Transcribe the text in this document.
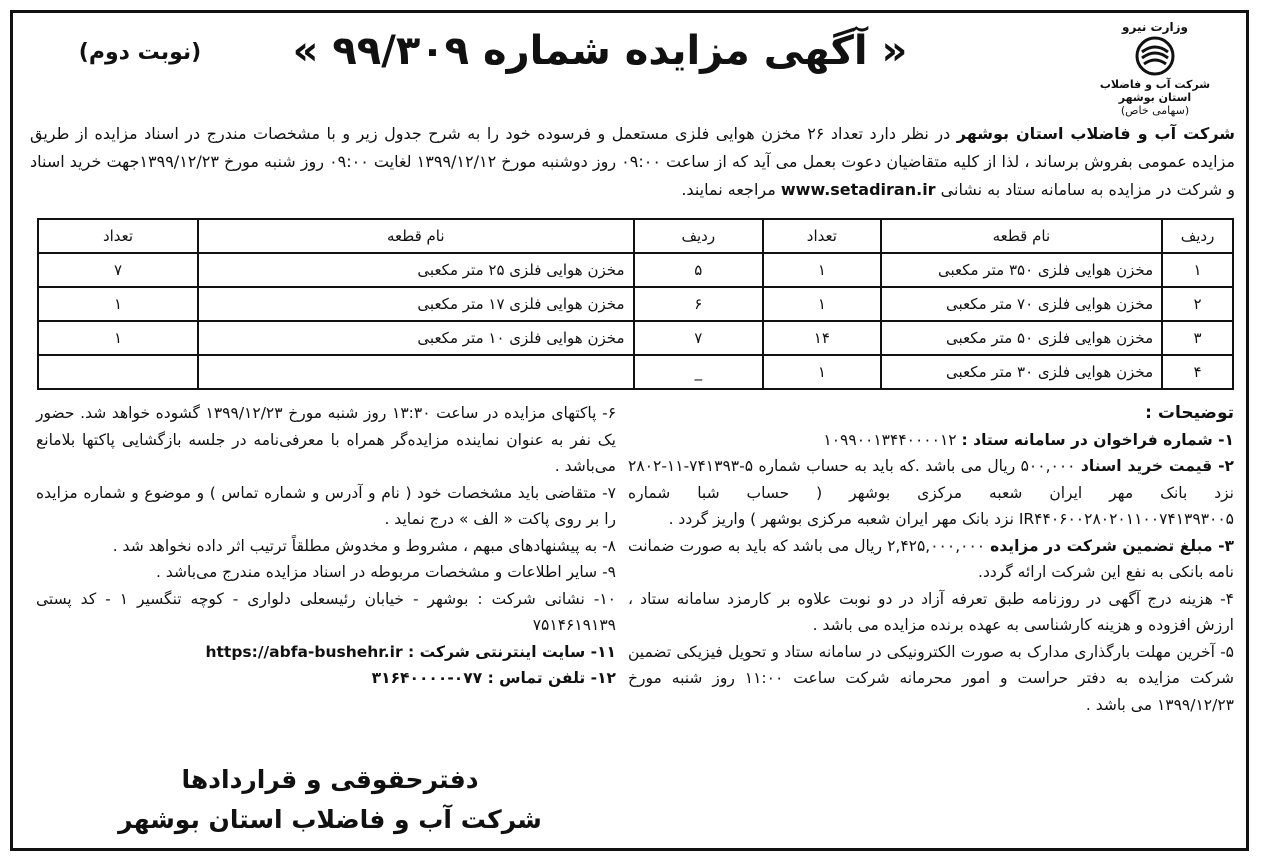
وزارت نیرو
شرکت آب و فاضلاب استان بوشهر
(سهامی خاص)
« آگهی مزایده شماره ۹۹/۳۰۹ »
(نوبت دوم)
شرکت آب و فاضلاب استان بوشهر در نظر دارد تعداد ۲۶ مخزن هوایی فلزی مستعمل و فرسوده خود را به شرح جدول زیر و با مشخصات مندرج در اسناد مزایده از طریق مزایده عمومی بفروش برساند ، لذا از کلیه متقاضیان دعوت بعمل می آید که از ساعت ۰۹:۰۰ روز دوشنبه مورخ ۱۳۹۹/۱۲/۱۲ لغایت ۰۹:۰۰ روز شنبه مورخ ۱۳۹۹/۱۲/۲۳جهت خرید اسناد و شرکت در مزایده به سامانه ستاد به نشانی www.setadiran.ir مراجعه نمایند.
ردیف	نام قطعه	تعداد	ردیف	نام قطعه	تعداد
۱	مخزن هوایی فلزی ۳۵۰ متر مکعبی	۱	۵	مخزن هوایی فلزی ۲۵ متر مکعبی	۷
۲	مخزن هوایی فلزی ۷۰ متر مکعبی	۱	۶	مخزن هوایی فلزی ۱۷ متر مکعبی	۱
۳	مخزن هوایی فلزی ۵۰ متر مکعبی	۱۴	۷	مخزن هوایی فلزی ۱۰ متر مکعبی	۱
۴	مخزن هوایی فلزی ۳۰ متر مکعبی	۱	_		
توضیحات :
۱- شماره فراخوان در سامانه ستاد : ۱۰۹۹۰۰۱۳۴۴۰۰۰۰۱۲
۲- قیمت خرید اسناد ۵۰۰,۰۰۰ ریال می باشد .که باید به حساب شماره ۵-۷۴۱۳۹۳-۱۱-۲۸۰۲ نزد بانک مهر ایران شعبه مرکزی بوشهر ( حساب شبا شماره IR۴۴۰۶۰۰۲۸۰۲۰۱۱۰۰۷۴۱۳۹۳۰۰۵ نزد بانک مهر ایران شعبه مرکزی بوشهر ) واریز گردد .
۳- مبلغ تضمین شرکت در مزایده ۲,۴۲۵,۰۰۰,۰۰۰ ریال می باشد که باید به صورت ضمانت نامه بانکی به نفع این شرکت ارائه گردد.
۴- هزینه درج آگهی در روزنامه طبق تعرفه آزاد در دو نوبت علاوه بر کارمزد سامانه ستاد ، ارزش افزوده و هزینه کارشناسی به عهده برنده مزایده می باشد .
۵- آخرین مهلت بارگذاری مدارک به صورت الکترونیکی در سامانه ستاد و تحویل فیزیکی تضمین شرکت مزایده به دفتر حراست و امور محرمانه شرکت ساعت ۱۱:۰۰ روز شنبه مورخ ۱۳۹۹/۱۲/۲۳ می باشد .
۶- پاکتهای مزایده در ساعت ۱۳:۳۰ روز شنبه مورخ ۱۳۹۹/۱۲/۲۳ گشوده خواهد شد. حضور یک نفر به عنوان نماینده مزایده‌گر همراه با معرفی‌نامه در جلسه بازگشایی پاکتها بلامانع می‌باشد .
۷- متقاضی باید مشخصات خود ( نام و آدرس و شماره تماس ) و موضوع و شماره مزایده را بر روی پاکت « الف » درج نماید .
۸- به پیشنهادهای مبهم ، مشروط و مخدوش مطلقاً ترتیب اثر داده نخواهد شد .
۹- سایر اطلاعات و مشخصات مربوطه در اسناد مزایده مندرج می‌باشد .
۱۰- نشانی شرکت : بوشهر - خیابان رئیسعلی دلواری - کوچه تنگسیر ۱ - کد پستی ۷۵۱۴۶۱۹۱۳۹
۱۱- سایت اینترنتی شرکت : https://abfa-bushehr.ir
۱۲- تلفن تماس : ۰۷۷-۳۱۶۴۰۰۰۰
دفترحقوقی و قراردادها
شرکت آب و فاضلاب استان بوشهر
